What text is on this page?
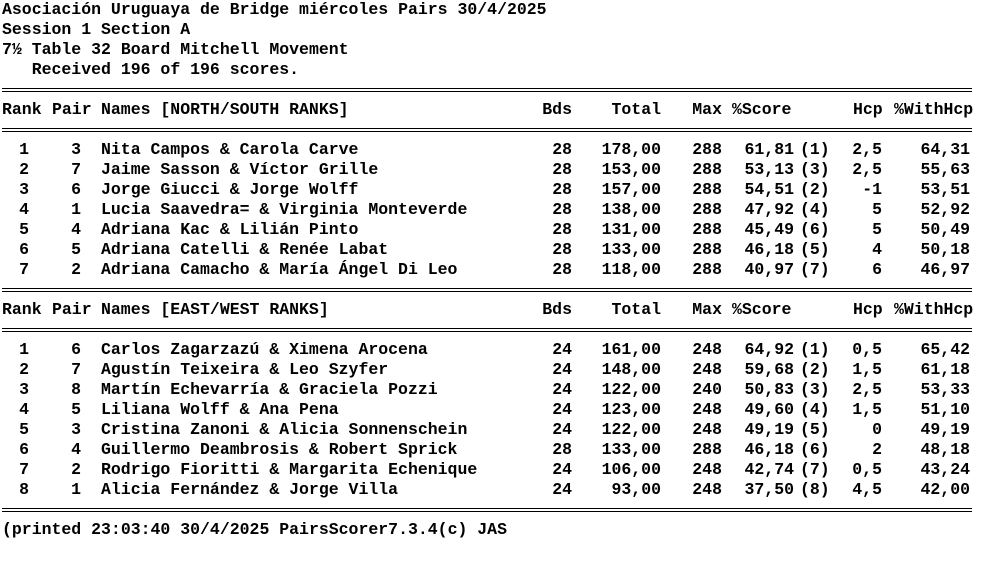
Asociación Uruguaya de Bridge miércoles Pairs 30/4/2025
Session 1 Section A
7½ Table 32 Board Mitchell Movement
Received 196 of 196 scores.
Rank Pair Names [NORTH/SOUTH RANKS]	Bds	Total	Max %Score	Hcp %WithHcp
1	3 Nita Campos & Carola Carve	28	178,00	288	61,81 (1)	2,5	64,31
2	7 Jaime Sasson & Víctor Grille	28	153,00	288	53,13 (3)	2,5	55,63
3	6 Jorge Giucci & Jorge Wolff	28	157,00	288	54,51 (2)	-1	53,51
4	1 Lucia Saavedra= & Virginia Monteverde	28	138,00	288	47,92 (4)	5	52,92
5	4 Adriana Kac & Lilián Pinto	28	131,00	288	45,49 (6)	5	50,49
6	5 Adriana Catelli & Renée Labat	28	133,00	288	46,18 (5)	4	50,18
7	2 Adriana Camacho & María Ángel Di Leo	28	118,00	288	40,97 (7)	6	46,97
Rank Pair Names [EAST/WEST RANKS]	Bds	Total	Max %Score	Hcp %WithHcp
1	6 Carlos Zagarzazú & Ximena Arocena	24	161,00	248	64,92 (1)	0,5	65,42
2	7 Agustín Teixeira & Leo Szyfer	24	148,00	248	59,68 (2)	1,5	61,18
3	8 Martín Echevarría & Graciela Pozzi	24	122,00	240	50,83 (3)	2,5	53,33
4	5 Liliana Wolff & Ana Pena	24	123,00	248	49,60 (4)	1,5	51,10
5	3 Cristina Zanoni & Alicia Sonnenschein	24	122,00	248	49,19 (5)	0	49,19
6	4 Guillermo Deambrosis & Robert Sprick	28	133,00	288	46,18 (6)	2	48,18
7	2 Rodrigo Fioritti & Margarita Echenique	24	106,00	248	42,74 (7)	0,5	43,24
8	1 Alicia Fernández & Jorge Villa	24	93,00	248	37,50 (8)	4,5	42,00
(printed 23:03:40 30/4/2025 PairsScorer7.3.4(c) JAS
